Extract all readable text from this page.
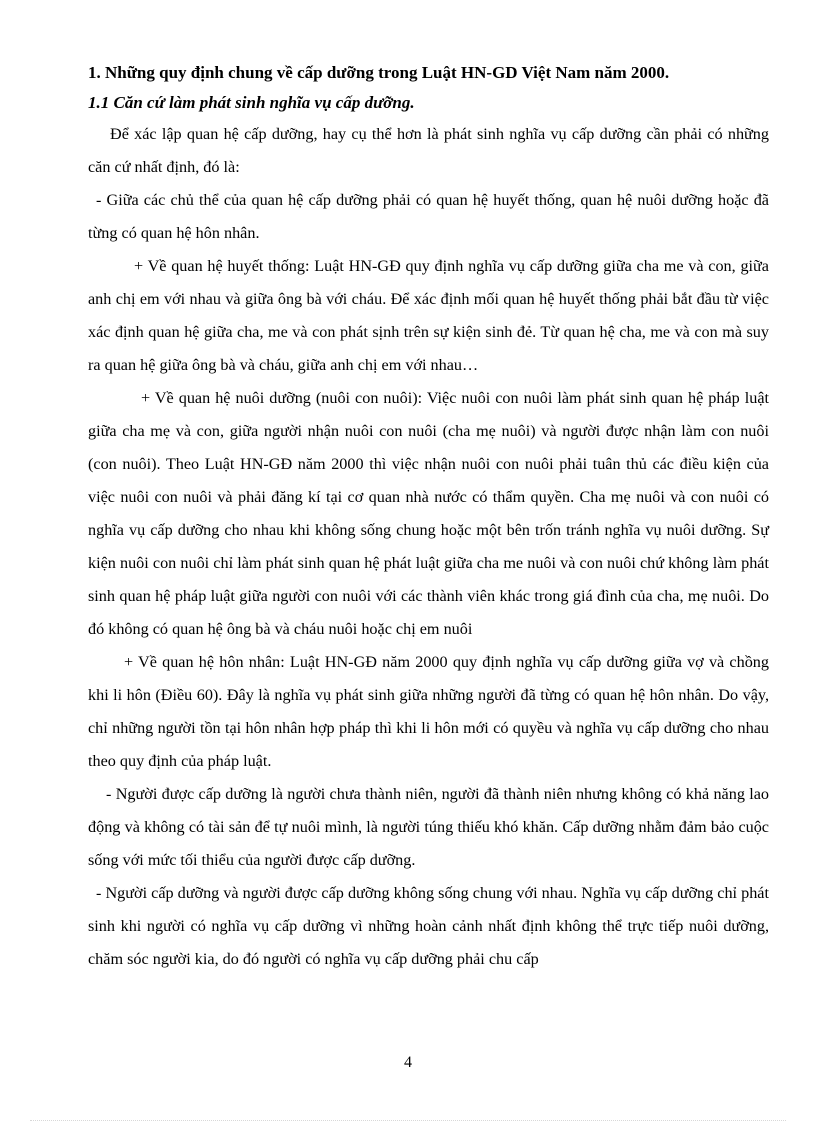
1. Những quy định chung về cấp dưỡng trong Luật HN-GD Việt Nam năm 2000.

1.1 Căn cứ làm phát sinh nghĩa vụ cấp dưỡng.

Để xác lập quan hệ cấp dưỡng, hay cụ thể hơn là phát sinh nghĩa vụ cấp dưỡng cần phải có những căn cứ nhất định, đó là:

- Giữa các chủ thể của quan hệ cấp dưỡng phải có quan hệ huyết thống, quan hệ nuôi dưỡng hoặc đã từng có quan hệ hôn nhân.

+ Về quan hệ huyết thống: Luật HN-GĐ quy định nghĩa vụ cấp dưỡng giữa cha me và con, giữa anh chị em với nhau và giữa ông bà với cháu. Để xác định mối quan hệ huyết thống phải bắt đầu từ việc xác định quan hệ giữa cha, me và con phát sịnh trên sự kiện sinh đẻ. Từ quan hệ cha, me và con mà suy ra quan hệ giữa ông bà và cháu, giữa anh chị em với nhau…

+ Về quan hệ nuôi dưỡng (nuôi con nuôi): Việc nuôi con nuôi làm phát sinh quan hệ pháp luật giữa cha mẹ và con, giữa người nhận nuôi con nuôi (cha mẹ nuôi) và người được nhận làm con nuôi (con nuôi). Theo Luật HN-GĐ năm 2000 thì việc nhận nuôi con nuôi phải tuân thủ các điều kiện của việc nuôi con nuôi và phải đăng kí tại cơ quan nhà nước có thẩm quyền. Cha mẹ nuôi và con nuôi có nghĩa vụ cấp dưỡng cho nhau khi không sống chung hoặc một bên trốn tránh nghĩa vụ nuôi dưỡng. Sự kiện nuôi con nuôi chỉ làm phát sinh quan hệ phát luật giữa cha me nuôi và con nuôi chứ không làm phát sinh quan hệ pháp luật giữa người con nuôi với các thành viên khác trong giá đình của cha, mẹ nuôi. Do đó không có quan hệ ông bà và cháu nuôi hoặc chị em nuôi

+ Về quan hệ hôn nhân: Luật HN-GĐ năm 2000 quy định nghĩa vụ cấp dưỡng giữa vợ và chồng khi li hôn (Điều 60). Đây là nghĩa vụ phát sinh giữa những người đã từng có quan hệ hôn nhân. Do vậy, chỉ những người tồn tại hôn nhân hợp pháp thì khi li hôn mới có quyều và nghĩa vụ cấp dưỡng cho nhau theo quy định của pháp luật.

- Người được cấp dưỡng là người chưa thành niên, người đã thành niên nhưng không có khả năng lao động và không có tài sản để tự nuôi mình, là người túng thiếu khó khăn. Cấp dưỡng nhằm đảm bảo cuộc sống với mức tối thiểu của người được cấp dưỡng.

- Người cấp dưỡng và người được cấp dưỡng không sống chung với nhau. Nghĩa vụ cấp dưỡng chỉ phát sinh khi người có nghĩa vụ cấp dưỡng vì những hoàn cảnh nhất định không thể trực tiếp nuôi dưỡng, chăm sóc người kia, do đó người có nghĩa vụ cấp dưỡng phải chu cấp

4
